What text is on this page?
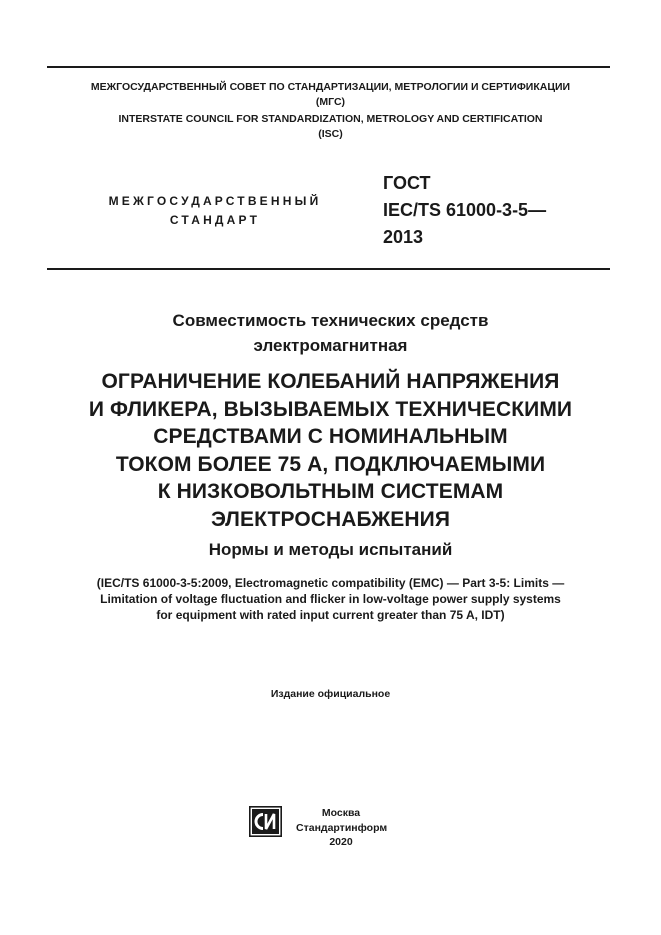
МЕЖГОСУДАРСТВЕННЫЙ СОВЕТ ПО СТАНДАРТИЗАЦИИ, МЕТРОЛОГИИ И СЕРТИФИКАЦИИ
(МГС)
INTERSTATE COUNCIL FOR STANDARDIZATION, METROLOGY AND CERTIFICATION
(ISC)
МЕЖГОСУДАРСТВЕННЫЙ
СТАНДАРТ
ГОСТ
IEC/TS 61000-3-5—
2013
Совместимость технических средств
электромагнитная
ОГРАНИЧЕНИЕ КОЛЕБАНИЙ НАПРЯЖЕНИЯ
И ФЛИКЕРА, ВЫЗЫВАЕМЫХ ТЕХНИЧЕСКИМИ
СРЕДСТВАМИ С НОМИНАЛЬНЫМ
ТОКОМ БОЛЕЕ 75 А, ПОДКЛЮЧАЕМЫМИ
К НИЗКОВОЛЬТНЫМ СИСТЕМАМ
ЭЛЕКТРОСНАБЖЕНИЯ
Нормы и методы испытаний
(IEC/TS 61000-3-5:2009, Electromagnetic compatibility (EMC) — Part 3-5: Limits —
Limitation of voltage fluctuation and flicker in low-voltage power supply systems
for equipment with rated input current greater than 75 A, IDT)
Издание официальное
Москва
Стандартинформ
2020
